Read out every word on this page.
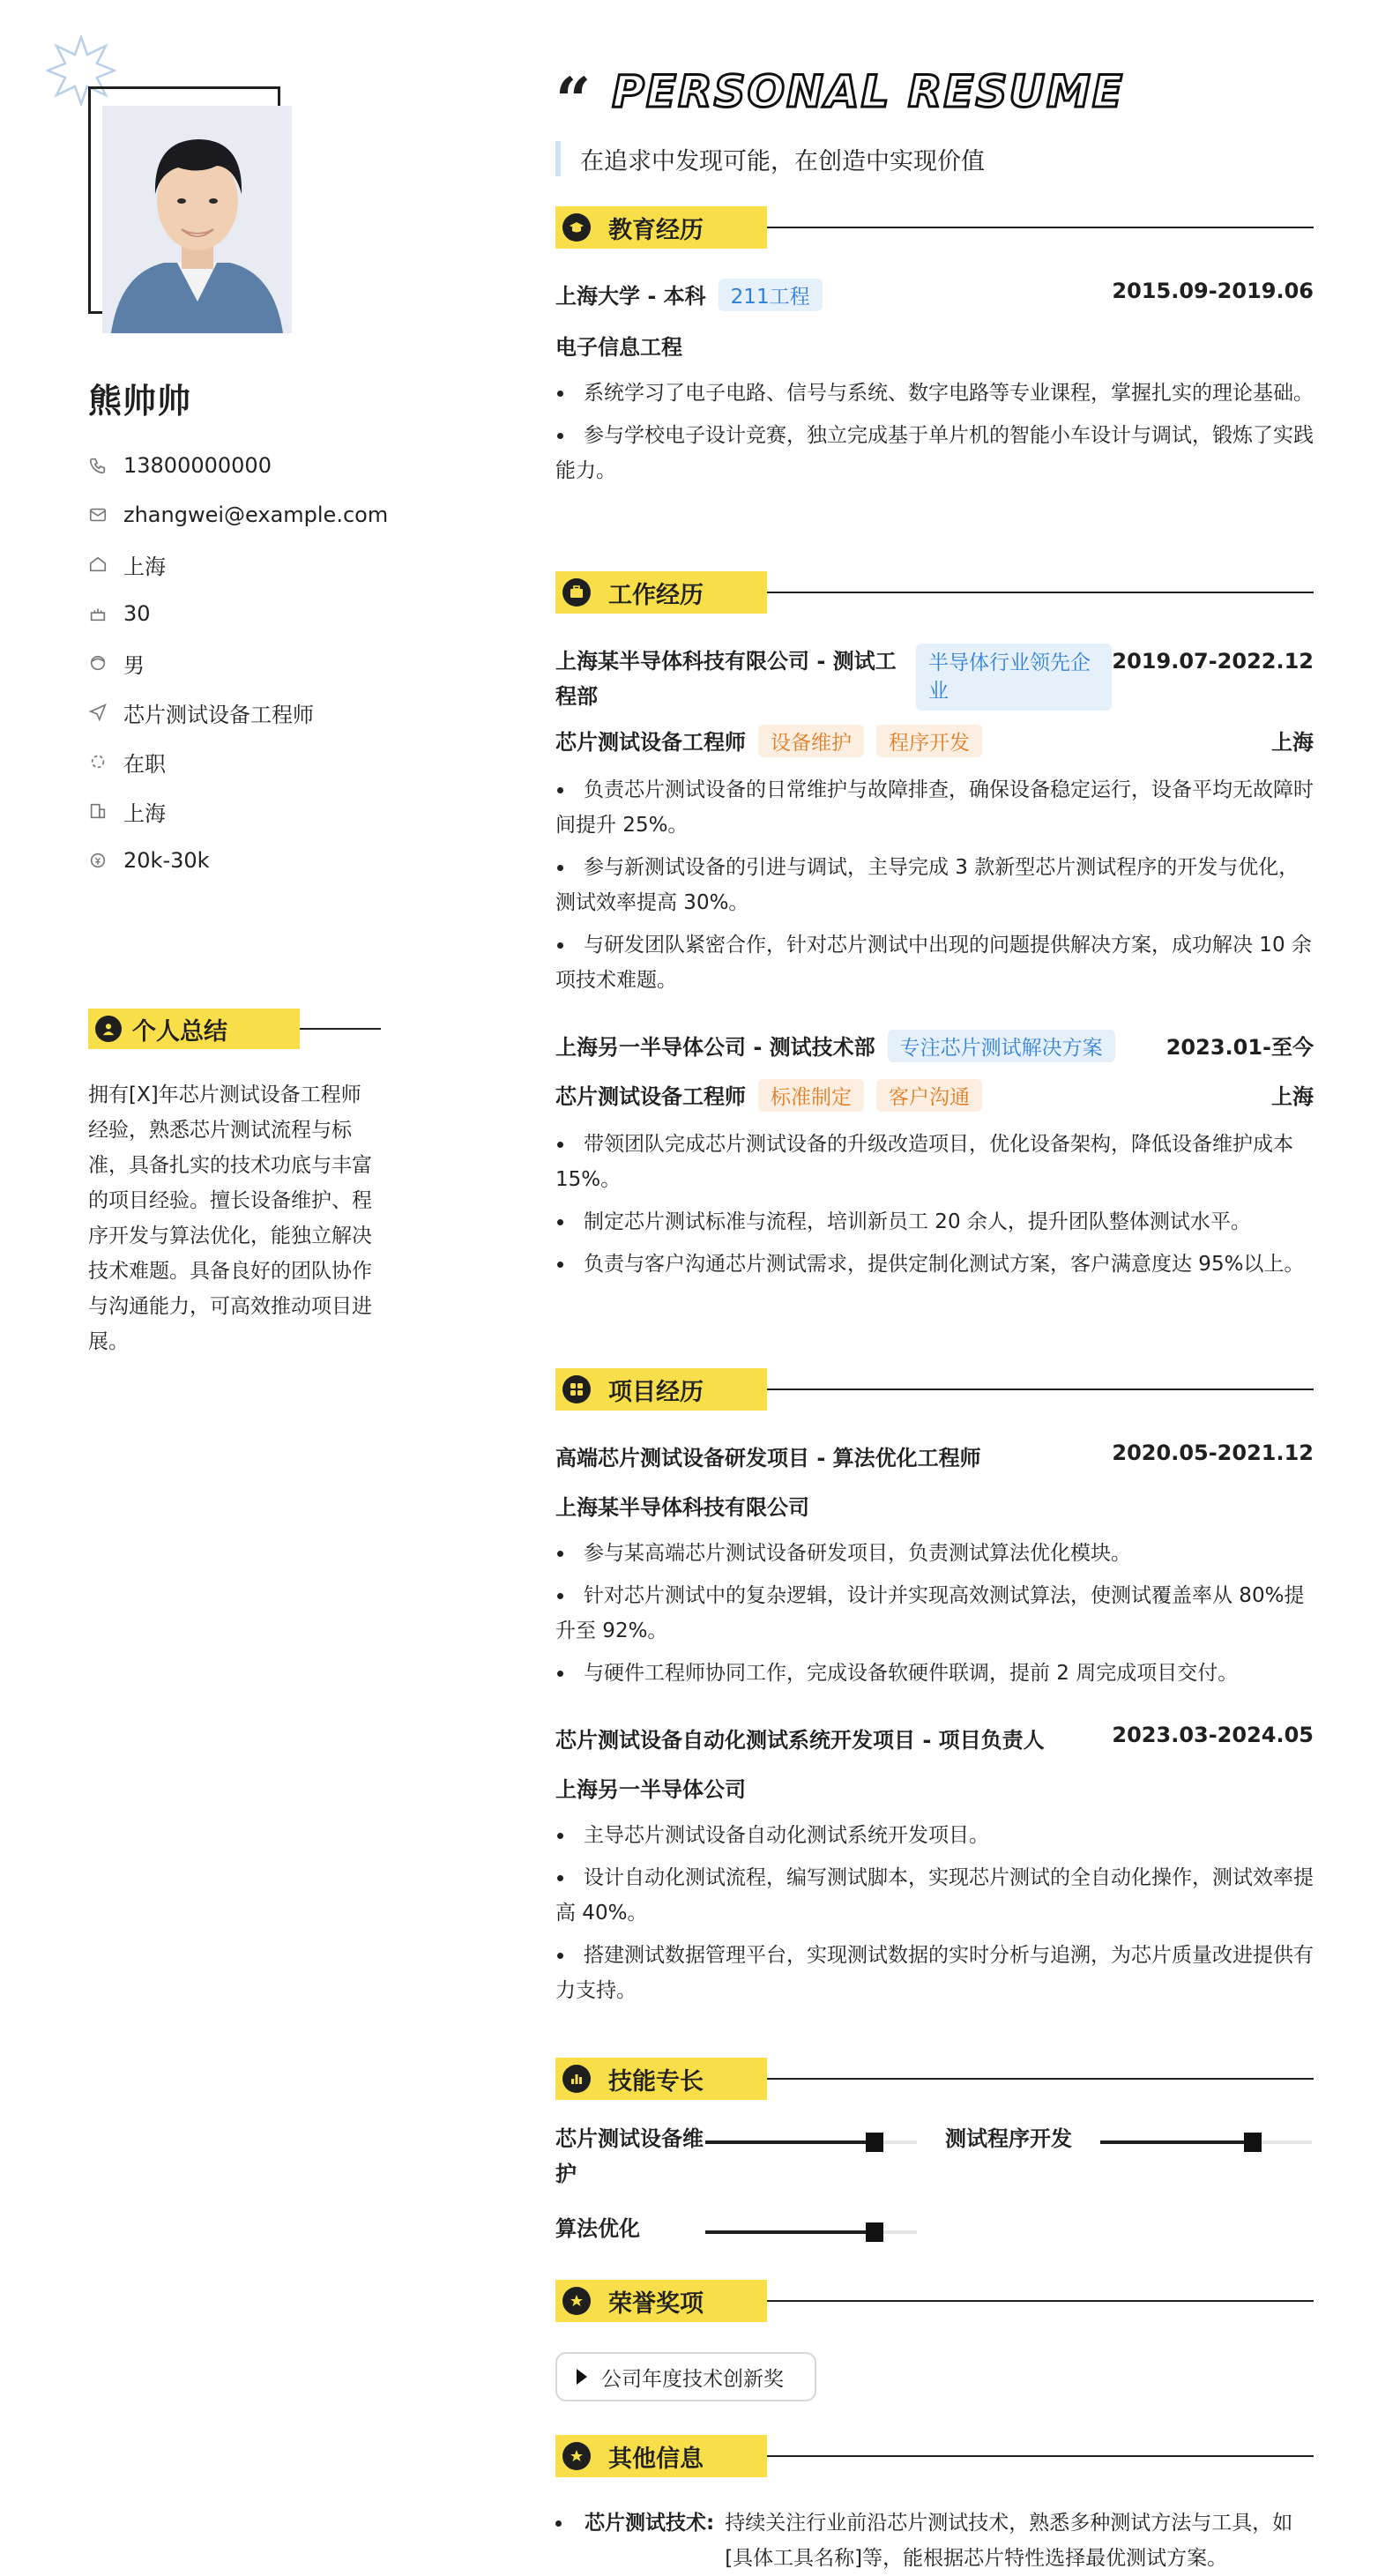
熊帅帅
13800000000
zhangwei@example.com
上海
30
男
芯片测试设备工程师
在职
上海
20k-30k
个人总结
拥有[X]年芯片测试设备工程师经验，熟悉芯片测试流程与标准，具备扎实的技术功底与丰富的项目经验。擅长设备维护、程序开发与算法优化，能独立解决技术难题。具备良好的团队协作与沟通能力，可高效推动项目进展。
“ PERSONAL RESUME
在追求中发现可能，在创造中实现价值
教育经历
上海大学 - 本科 211工程	2015.09-2019.06
电子信息工程
系统学习了电子电路、信号与系统、数字电路等专业课程，掌握扎实的理论基础。
参与学校电子设计竞赛，独立完成基于单片机的智能小车设计与调试，锻炼了实践能力。
工作经历
上海某半导体科技有限公司 - 测试工程部
半导体行业领先企业
2019.07-2022.12
芯片测试设备工程师 设备维护 程序开发	上海
负责芯片测试设备的日常维护与故障排查，确保设备稳定运行，设备平均无故障时间提升 25%。
参与新测试设备的引进与调试，主导完成 3 款新型芯片测试程序的开发与优化，测试效率提高 30%。
与研发团队紧密合作，针对芯片测试中出现的问题提供解决方案，成功解决 10 余项技术难题。
上海另一半导体公司 - 测试技术部 专注芯片测试解决方案	2023.01-至今
芯片测试设备工程师 标准制定 客户沟通	上海
带领团队完成芯片测试设备的升级改造项目，优化设备架构，降低设备维护成本 15%。
制定芯片测试标准与流程，培训新员工 20 余人，提升团队整体测试水平。
负责与客户沟通芯片测试需求，提供定制化测试方案，客户满意度达 95%以上。
项目经历
高端芯片测试设备研发项目 - 算法优化工程师	2020.05-2021.12
上海某半导体科技有限公司
参与某高端芯片测试设备研发项目，负责测试算法优化模块。
针对芯片测试中的复杂逻辑，设计并实现高效测试算法，使测试覆盖率从 80%提升至 92%。
与硬件工程师协同工作，完成设备软硬件联调，提前 2 周完成项目交付。
芯片测试设备自动化测试系统开发项目 - 项目负责人	2023.03-2024.05
上海另一半导体公司
主导芯片测试设备自动化测试系统开发项目。
设计自动化测试流程，编写测试脚本，实现芯片测试的全自动化操作，测试效率提高 40%。
搭建测试数据管理平台，实现测试数据的实时分析与追溯，为芯片质量改进提供有力支持。
技能专长
芯片测试设备维护
测试程序开发
算法优化
荣誉奖项
公司年度技术创新奖
其他信息
芯片测试技术: 持续关注行业前沿芯片测试技术，熟悉多种测试方法与工具，如[具体工具名称]等，能根据芯片特性选择最优测试方案。
